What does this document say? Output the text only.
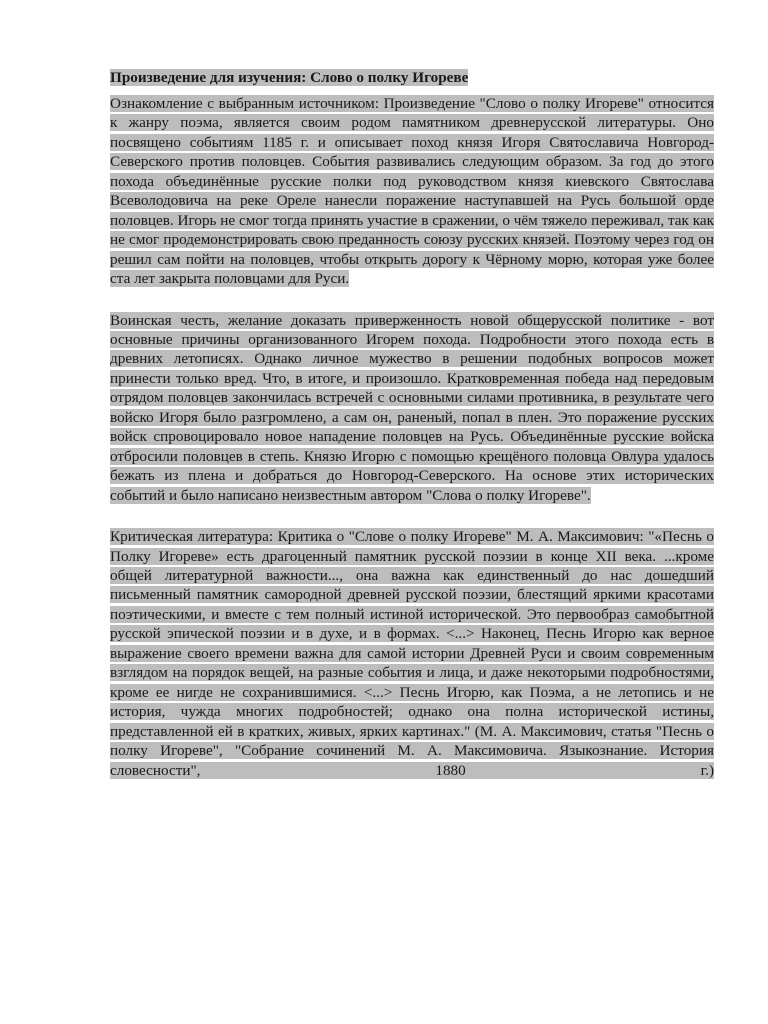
Произведение для изучения: Слово о полку Игореве
Ознакомление с выбранным источником: Произведение "Слово о полку Игореве" относится к жанру поэма, является своим родом памятником древнерусской литературы. Оно посвящено событиям 1185 г. и описывает поход князя Игоря Святославича Новгород-Северского против половцев. События развивались следующим образом. За год до этого похода объединённые русские полки под руководством князя киевского Святослава Всеволодовича на реке Ореле нанесли поражение наступавшей на Русь большой орде половцев. Игорь не смог тогда принять участие в сражении, о чём тяжело переживал, так как не смог продемонстрировать свою преданность союзу русских князей. Поэтому через год он решил сам пойти на половцев, чтобы открыть дорогу к Чёрному морю, которая уже более ста лет закрыта половцами для Руси.
Воинская честь, желание доказать приверженность новой общерусской политике - вот основные причины организованного Игорем похода. Подробности этого похода есть в древних летописях. Однако личное мужество в решении подобных вопросов может принести только вред. Что, в итоге, и произошло. Кратковременная победа над передовым отрядом половцев закончилась встречей с основными силами противника, в результате чего войско Игоря было разгромлено, а сам он, раненый, попал в плен. Это поражение русских войск спровоцировало новое нападение половцев на Русь. Объединённые русские войска отбросили половцев в степь. Князю Игорю с помощью крещёного половца Овлура удалось бежать из плена и добраться до Новгород-Северского. На основе этих исторических событий и было написано неизвестным автором "Слова о полку Игореве".
Критическая литература: Критика о "Слове о полку Игореве" М. А. Максимович: "«Песнь о Полку Игореве» есть драгоценный памятник русской поэзии в конце XII века. ...кроме общей литературной важности..., она важна как единственный до нас дошедший письменный памятник самородной древней русской поэзии, блестящий яркими красотами поэтическими, и вместе с тем полный истиной исторической. Это первообраз самобытной русской эпической поэзии и в духе, и в формах. <...> Наконец, Песнь Игорю как верное выражение своего времени важна для самой истории Древней Руси и своим современным взглядом на порядок вещей, на разные события и лица, и даже некоторыми подробностями, кроме ее нигде не сохранившимися. <...> Песнь Игорю, как Поэма, а не летопись и не история, чужда многих подробностей; однако она полна исторической истины, представленной ей в кратких, живых, ярких картинах." (М. А. Максимович, статья "Песнь о полку Игореве", "Собрание сочинений М. А. Максимовича. Языкознание. История словесности", 1880 г.)
